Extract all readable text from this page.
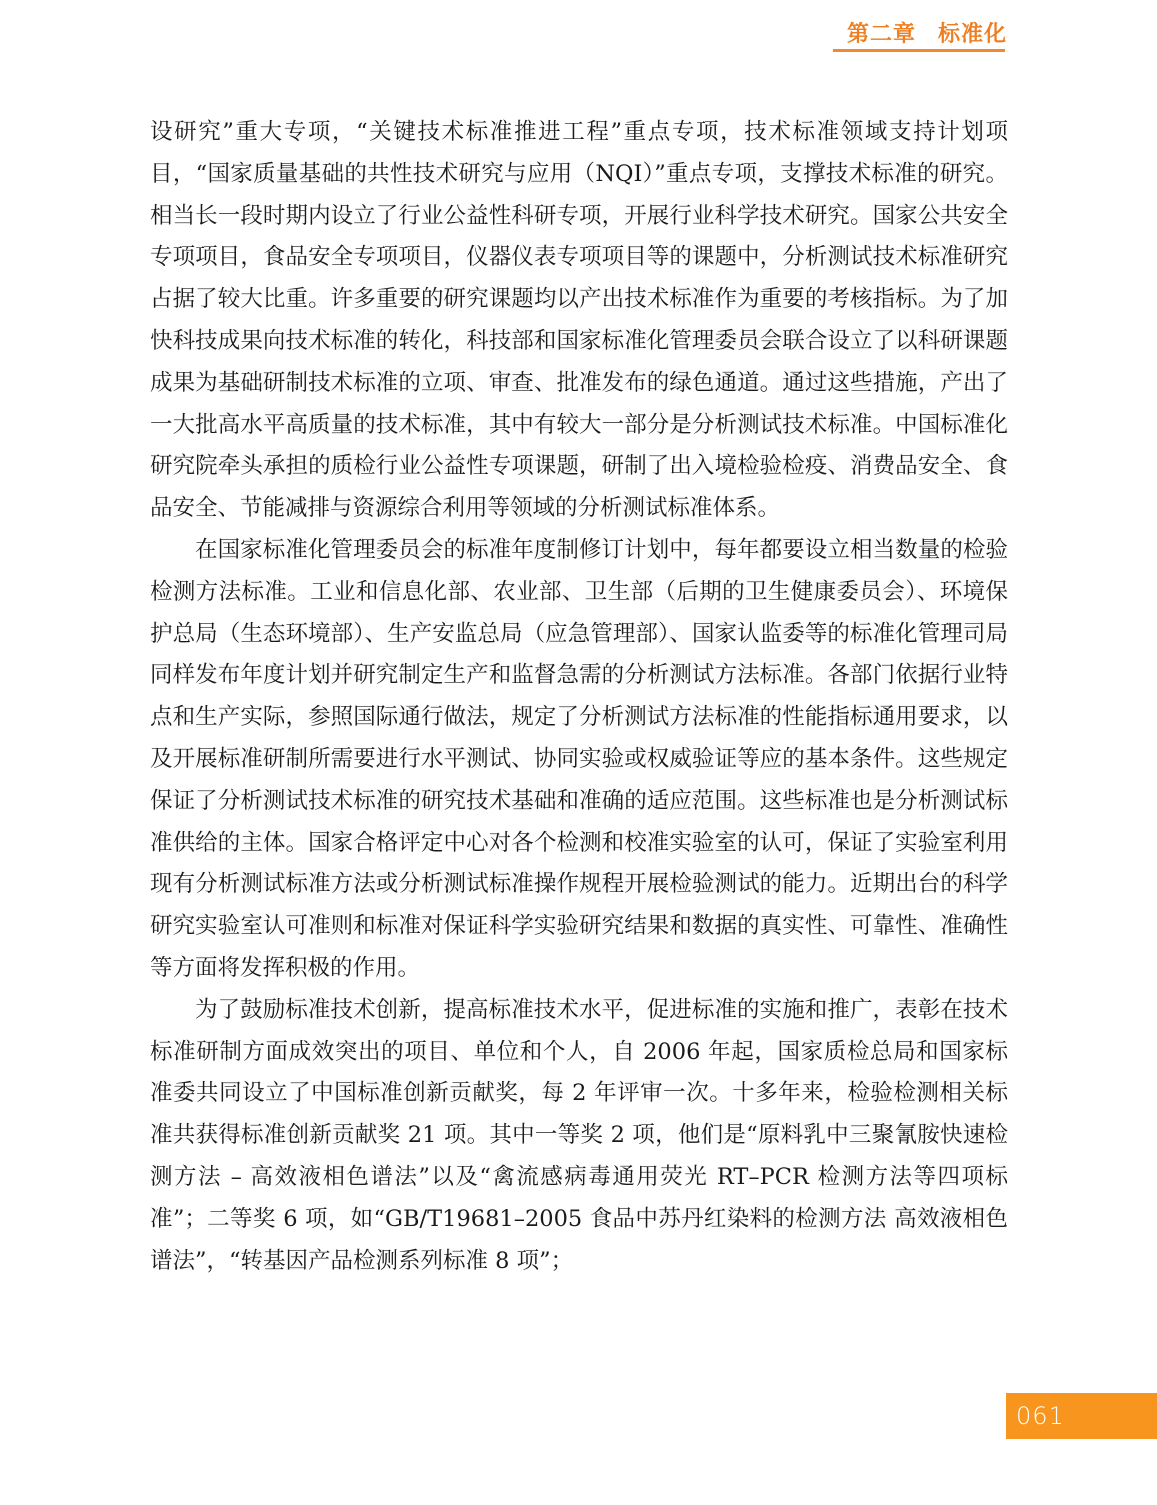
第二章 标准化

设研究”重大专项，“关键技术标准推进工程”重点专项，技术标准领域支持计划项目，“国家质量基础的共性技术研究与应用（NQI）”重点专项，支撑技术标准的研究。相当长一段时期内设立了行业公益性科研专项，开展行业科学技术研究。国家公共安全专项项目，食品安全专项项目，仪器仪表专项项目等的课题中，分析测试技术标准研究占据了较大比重。许多重要的研究课题均以产出技术标准作为重要的考核指标。为了加快科技成果向技术标准的转化，科技部和国家标准化管理委员会联合设立了以科研课题成果为基础研制技术标准的立项、审查、批准发布的绿色通道。通过这些措施，产出了一大批高水平高质量的技术标准，其中有较大一部分是分析测试技术标准。中国标准化研究院牵头承担的质检行业公益性专项课题，研制了出入境检验检疫、消费品安全、食品安全、节能减排与资源综合利用等领域的分析测试标准体系。

在国家标准化管理委员会的标准年度制修订计划中，每年都要设立相当数量的检验检测方法标准。工业和信息化部、农业部、卫生部（后期的卫生健康委员会）、环境保护总局（生态环境部）、生产安监总局（应急管理部）、国家认监委等的标准化管理司局同样发布年度计划并研究制定生产和监督急需的分析测试方法标准。各部门依据行业特点和生产实际，参照国际通行做法，规定了分析测试方法标准的性能指标通用要求，以及开展标准研制所需要进行水平测试、协同实验或权威验证等应的基本条件。这些规定保证了分析测试技术标准的研究技术基础和准确的适应范围。这些标准也是分析测试标准供给的主体。国家合格评定中心对各个检测和校准实验室的认可，保证了实验室利用现有分析测试标准方法或分析测试标准操作规程开展检验测试的能力。近期出台的科学研究实验室认可准则和标准对保证科学实验研究结果和数据的真实性、可靠性、准确性等方面将发挥积极的作用。

为了鼓励标准技术创新，提高标准技术水平，促进标准的实施和推广，表彰在技术标准研制方面成效突出的项目、单位和个人，自 2006 年起，国家质检总局和国家标准委共同设立了中国标准创新贡献奖，每 2 年评审一次。十多年来，检验检测相关标准共获得标准创新贡献奖 21 项。其中一等奖 2 项，他们是“原料乳中三聚氰胺快速检测方法 – 高效液相色谱法”以及“禽流感病毒通用荧光 RT–PCR 检测方法等四项标准”；二等奖 6 项，如“GB/T19681–2005 食品中苏丹红染料的检测方法 高效液相色谱法”，“转基因产品检测系列标准 8 项”；

061
